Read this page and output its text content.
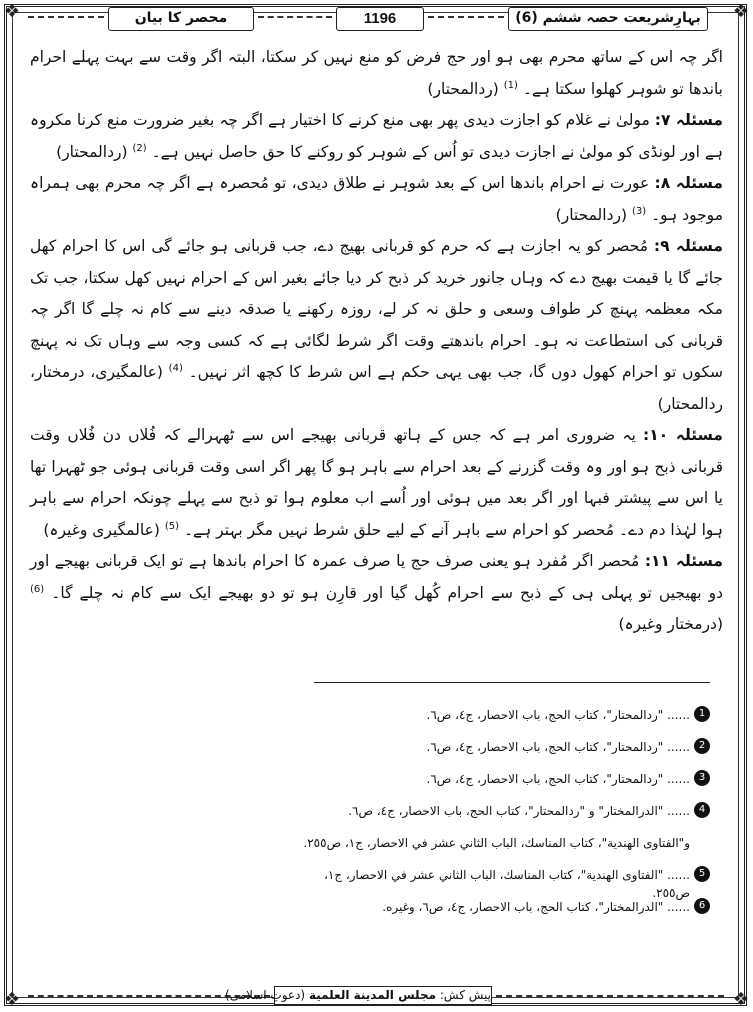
❖	❖
❖	❖
محصر کا بیان	1196	بہارِشریعت حصہ ششم (6)

اگر چہ اس کے ساتھ محرم بھی ہو اور حج فرض کو منع نہیں کر سکتا، البتہ اگر وقت سے بہت پہلے احرام باندھا تو شوہر کھلوا سکتا ہے۔ $^{(1)}$ (ردالمحتار)

مسئلہ ۷: مولیٰ نے غلام کو اجازت دیدی پھر بھی منع کرنے کا اختیار ہے اگر چہ بغیر ضرورت منع کرنا مکروہ ہے اور لونڈی کو مولیٰ نے اجازت دیدی تو اُس کے شوہر کو روکنے کا حق حاصل نہیں ہے۔ $^{(2)}$ (ردالمحتار)

مسئلہ ۸: عورت نے احرام باندھا اس کے بعد شوہر نے طلاق دیدی، تو مُحصرہ ہے اگر چہ محرم بھی ہمراہ موجود ہو۔ $^{(3)}$ (ردالمحتار)

مسئلہ ۹: مُحصر کو یہ اجازت ہے کہ حرم کو قربانی بھیج دے، جب قربانی ہو جائے گی اس کا احرام کھل جائے گا یا قیمت بھیج دے کہ وہاں جانور خرید کر ذبح کر دیا جائے بغیر اس کے احرام نہیں کھل سکتا، جب تک مکہ معظمہ پہنچ کر طواف وسعی و حلق نہ کر لے، روزہ رکھنے یا صدقہ دینے سے کام نہ چلے گا اگر چہ قربانی کی استطاعت نہ ہو۔ احرام باندھتے وقت اگر شرط لگائی ہے کہ کسی وجہ سے وہاں تک نہ پہنچ سکوں تو احرام کھول دوں گا، جب بھی یہی حکم ہے اس شرط کا کچھ اثر نہیں۔ $^{(4)}$ (عالمگیری، درمختار، ردالمحتار)

مسئلہ ۱۰: یہ ضروری امر ہے کہ جس کے ہاتھ قربانی بھیجے اس سے ٹھہرالے کہ فُلاں دن فُلاں وقت قربانی ذبح ہو اور وہ وقت گزرنے کے بعد احرام سے باہر ہو گا پھر اگر اسی وقت قربانی ہوئی جو ٹھہرا تھا یا اس سے پیشتر فبہا اور اگر بعد میں ہوئی اور اُسے اب معلوم ہوا تو ذبح سے پہلے چونکہ احرام سے باہر ہوا لہٰذا دم دے۔ مُحصر کو احرام سے باہر آنے کے لیے حلق شرط نہیں مگر بہتر ہے۔ $^{(5)}$ (عالمگیری وغیرہ)

مسئلہ ۱۱: مُحصر اگر مُفرد ہو یعنی صرف حج یا صرف عمرہ کا احرام باندھا ہے تو ایک قربانی بھیجے اور دو بھیجیں تو پہلی ہی کے ذبح سے احرام کُھل گیا اور قارِن ہو تو دو بھیجے ایک سے کام نہ چلے گا۔ $^{(6)}$ (درمختار وغیرہ)

1
...... "ردالمحتار"، كتاب الحج، باب الاحصار، ج٤، ص٦.
2
...... "ردالمحتار"، كتاب الحج، باب الاحصار، ج٤، ص٦.
3
...... "ردالمحتار"، كتاب الحج، باب الاحصار، ج٤، ص٦.
4
...... "الدرالمختار" و "ردالمحتار"، كتاب الحج، باب الاحصار، ج٤، ص٦.
و"الفتاوى الهندية"، كتاب المناسك، الباب الثاني عشر في الاحصار، ج١، ص٢٥٥.
5
...... "الفتاوى الهندية"، كتاب المناسك، الباب الثاني عشر في الاحصار، ج١، ص٢٥٥.
6
...... "الدرالمختار"، كتاب الحج، باب الاحصار، ج٤، ص٦، وغيره.
پیش کش: مجلس المدينة العلمية (دعوتِ اسلامی)
